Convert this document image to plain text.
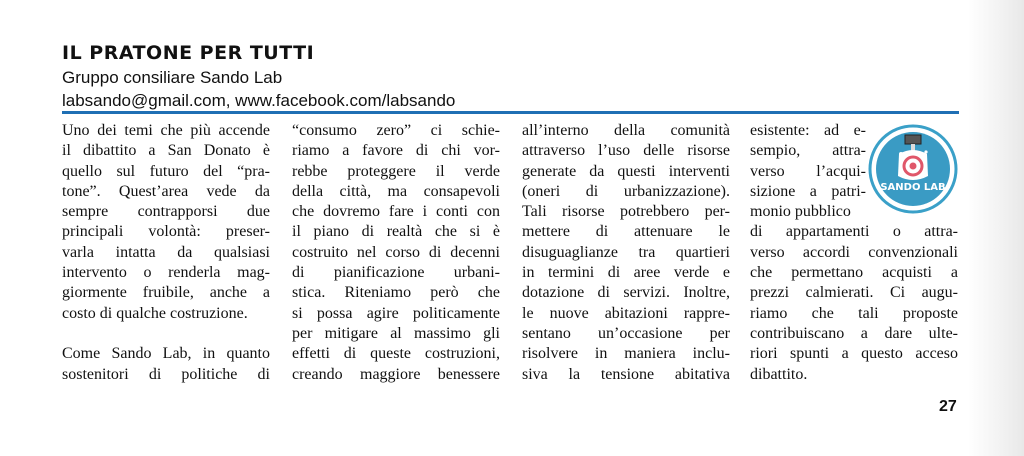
IL PRATONE PER TUTTI
Gruppo consiliare Sando Lab
labsando@gmail.com, www.facebook.com/labsando
Uno dei temi che più accende
il dibattito a San Donato è
quello sul futuro del “pra-
tone”. Quest’area vede da
sempre contrapporsi due
principali volontà: preser-
varla intatta da qualsiasi
intervento o renderla mag-
giormente fruibile, anche a
costo di qualche costruzione.
Come Sando Lab, in quanto
sostenitori di politiche di
“consumo zero” ci schie-
riamo a favore di chi vor-
rebbe proteggere il verde
della città, ma consapevoli
che dovremo fare i conti con
il piano di realtà che si è
costruito nel corso di decenni
di pianificazione urbani-
stica. Riteniamo però che
si possa agire politicamente
per mitigare al massimo gli
effetti di queste costruzioni,
creando maggiore benessere
all’interno della comunità
attraverso l’uso delle risorse
generate da questi interventi
(oneri di urbanizzazione).
Tali risorse potrebbero per-
mettere di attenuare le
disuguaglianze tra quartieri
in termini di aree verde e
dotazione di servizi. Inoltre,
le nuove abitazioni rappre-
sentano un’occasione per
risolvere in maniera inclu-
siva la tensione abitativa
esistente: ad e-
sempio, attra-
verso l’acqui-
sizione a patri-
monio pubblico
di appartamenti o attra-
verso accordi convenzionali
che permettano acquisti a
prezzi calmierati. Ci augu-
riamo che tali proposte
contribuiscano a dare ulte-
riori spunti a questo acceso
dibattito.
SANDO LAB
27
